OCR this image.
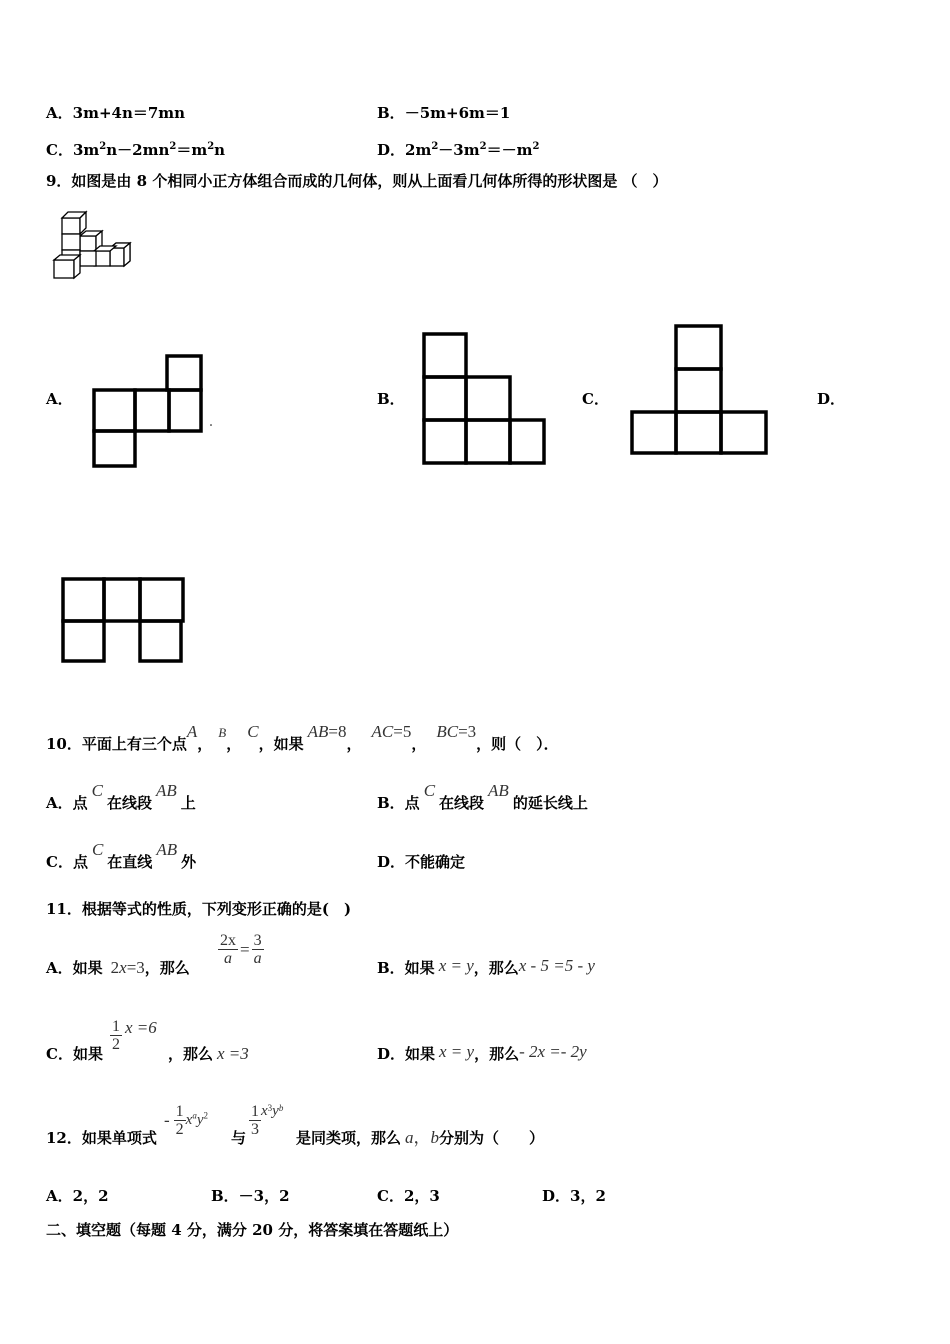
A．3m+4n＝7mn	B．－5m+6m＝1
C．$3m^2n-2mn^2=m^2n$	D．$2m^2-3m^2=-m^2$
9．如图是由 8 个相同小正方体组合而成的几何体，则从上面看几何体所得的形状图是 （　）
A．	B．	C．	D．
10．平面上有三个点A，B，C，如果AB=8，AC=5，BC=3，则（　）．
A．点C在线段AB上	B．点C在线段AB的延长线上
C．点C在直线AB外	D．不能确定
11．根据等式的性质，下列变形正确的是(　)
A．如果 2x=3，那么
$\frac{2x}{a} = \frac{3}{a}$
B．如果 x = y，那么x - 5 =5 - y
C．如果
$\frac{1}{2}$ x =6
，那么 x =3	D．如果 x = y，那么- 2x =- 2y
12．如果单项式
- $\frac{1}{2} x^ay^2$
与 $\frac{1}{3} x^3y^b$
是同类项，那么 a，b分别为（　　）
A．2，2	B．－3，2	C．2，3	D．3，2
二、填空题（每题 4 分，满分 20 分，将答案填在答题纸上）
